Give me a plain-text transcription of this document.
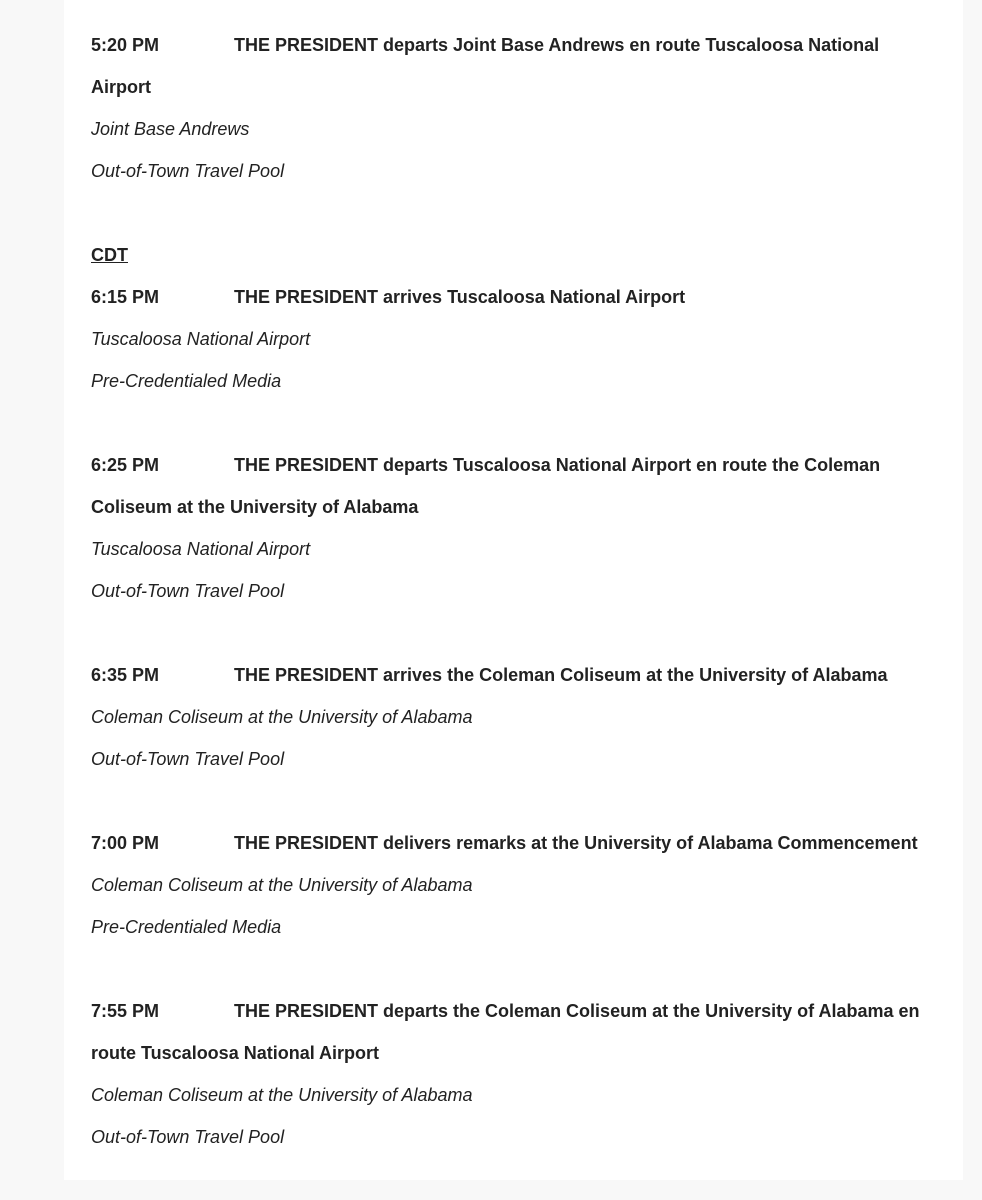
5:20 PM	THE PRESIDENT departs Joint Base Andrews en route Tuscaloosa National Airport

Joint Base Andrews

Out-of-Town Travel Pool

CDT

6:15 PM	THE PRESIDENT arrives Tuscaloosa National Airport

Tuscaloosa National Airport

Pre-Credentialed Media

6:25 PM	THE PRESIDENT departs Tuscaloosa National Airport en route the Coleman Coliseum at the University of Alabama

Tuscaloosa National Airport

Out-of-Town Travel Pool

6:35 PM	THE PRESIDENT arrives the Coleman Coliseum at the University of Alabama

Coleman Coliseum at the University of Alabama

Out-of-Town Travel Pool

7:00 PM	THE PRESIDENT delivers remarks at the University of Alabama Commencement

Coleman Coliseum at the University of Alabama

Pre-Credentialed Media

7:55 PM	THE PRESIDENT departs the Coleman Coliseum at the University of Alabama en route Tuscaloosa National Airport

Coleman Coliseum at the University of Alabama

Out-of-Town Travel Pool
